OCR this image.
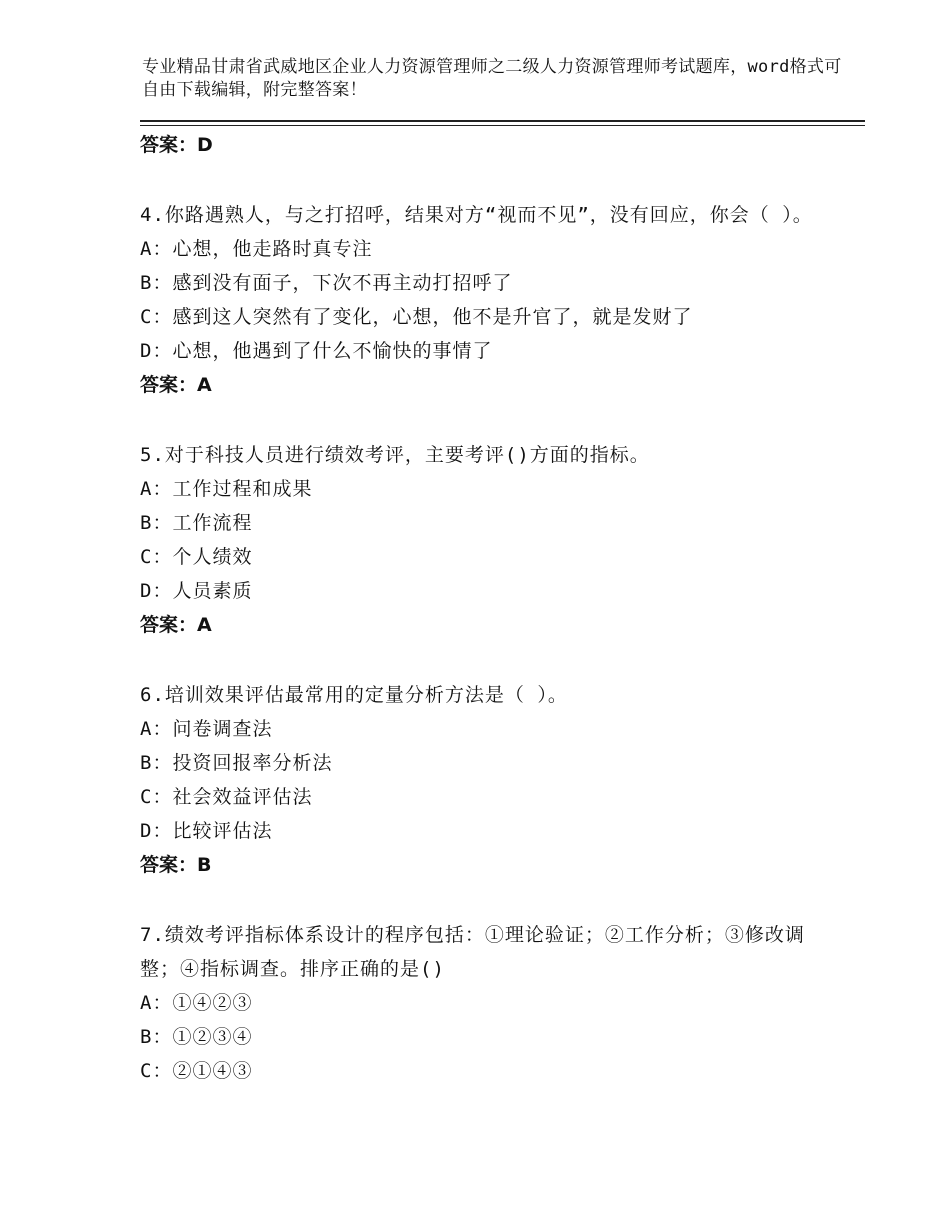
专业精品甘肃省武威地区企业人力资源管理师之二级人力资源管理师考试题库，word格式可自由下载编辑，附完整答案！
答案：D
4.你路遇熟人，与之打招呼，结果对方“视而不见”，没有回应，你会（ ）。
A：心想，他走路时真专注
B：感到没有面子，下次不再主动打招呼了
C：感到这人突然有了变化，心想，他不是升官了，就是发财了
D：心想，他遇到了什么不愉快的事情了
答案：A
5.对于科技人员进行绩效考评，主要考评()方面的指标。
A：工作过程和成果
B：工作流程
C：个人绩效
D：人员素质
答案：A
6.培训效果评估最常用的定量分析方法是（ ）。
A：问卷调查法
B：投资回报率分析法
C：社会效益评估法
D：比较评估法
答案：B
7.绩效考评指标体系设计的程序包括：①理论验证；②工作分析；③修改调整；④指标调查。排序正确的是()
A：①④②③
B：①②③④
C：②①④③
